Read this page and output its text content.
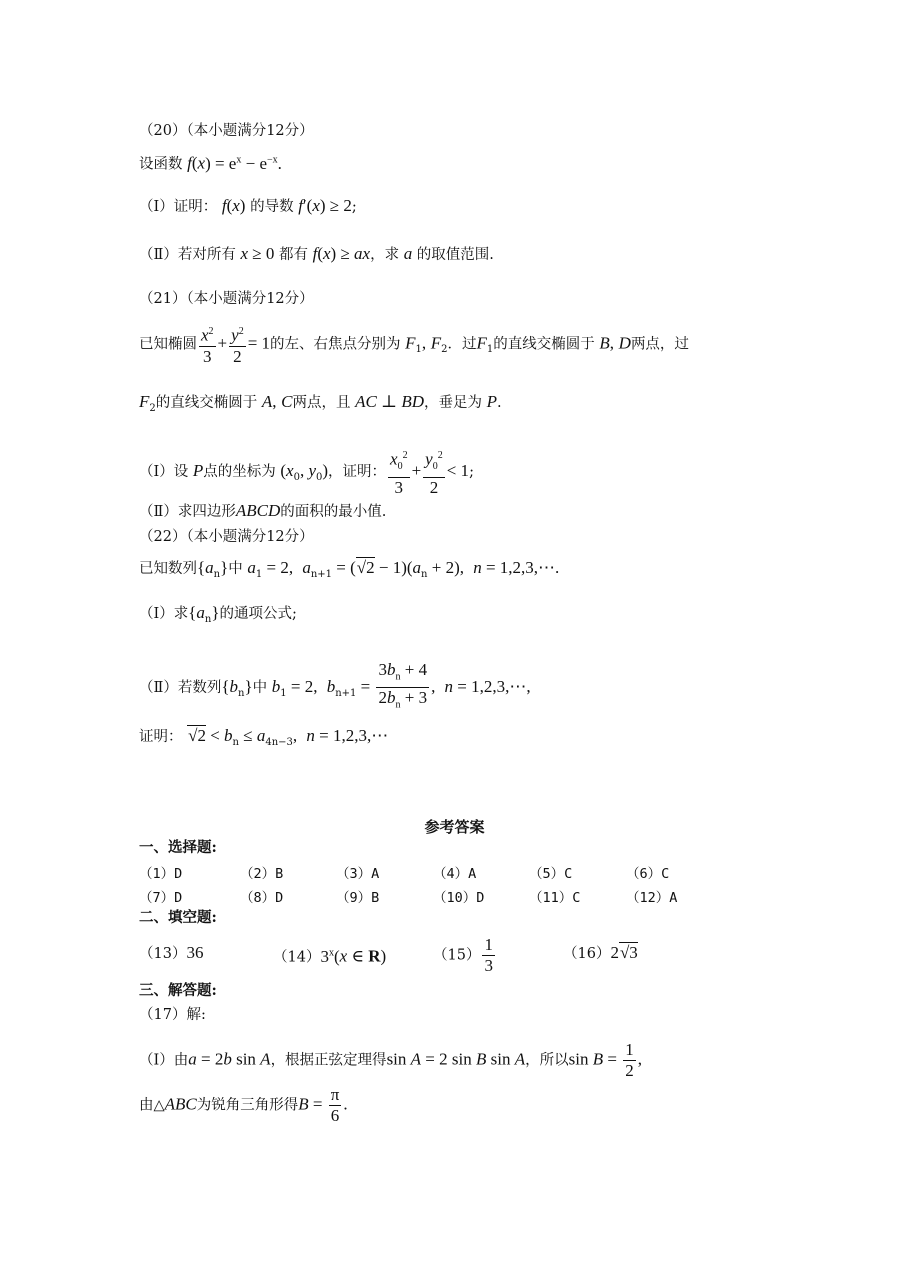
（20）（本小题满分12分）
设函数 $f(x) = e^x - e^{-x}$.
（Ⅰ）证明： f(x) 的导数 f′(x) ≥ 2;
（Ⅱ）若对所有 x ≥ 0 都有 f(x) ≥ ax，求 a 的取值范围.
（21）（本小题满分12分）
已知椭圆 $\frac{x^2}{3} + \frac{y^2}{2} = 1$的左、右焦点分别为 $F_1$, $F_2$．过$F_1$的直线交椭圆于 B, D两点，过
$F_2$的直线交椭圆于 A, C两点，且 AC ⊥ BD，垂足为 P.
（Ⅰ）设 P点的坐标为 ($x_0$, $y_0$)，证明： $\frac{x_0^2}{3} + \frac{y_0^2}{2} < 1$;
（Ⅱ）求四边形ABCD的面积的最小值.
（22）（本小题满分12分）
已知数列$\{a_n\}$中 $a_1 = 2$, $a_{n+1} = (√2 - 1)(a_n + 2)$, n = 1,2,3,⋯.
（Ⅰ）求$\{a_n\}$的通项公式;
（Ⅱ）若数列$\{b_n\}$中 $b_1 = 2$, $b_{n+1} = \frac{3b_n + 4}{2b_n + 3}$ , n = 1,2,3,⋯,
证明： $√2 < b_n \le a_{4n-3}$, n = 1,2,3,⋯
参考答案
一、选择题:
（1）D	（2）B	（3）A	（4）A	（5）C	（6）C
（7）D	（8）D	（9）B	（10）D	（11）C	（12）A
二、填空题:
（13）36	（14）3$^x$(x ∈ R)	$(15) \frac{1}{3}$	（16）2√3
三、解答题:
（17）解:
（Ⅰ）由a = 2b sin A，根据正弦定理得sin A = 2 sin B sin A，所以$\sin B = \frac{1}{2}$ ,
由△ABC为锐角三角形得$B = \frac{\pi}{6}$ .
